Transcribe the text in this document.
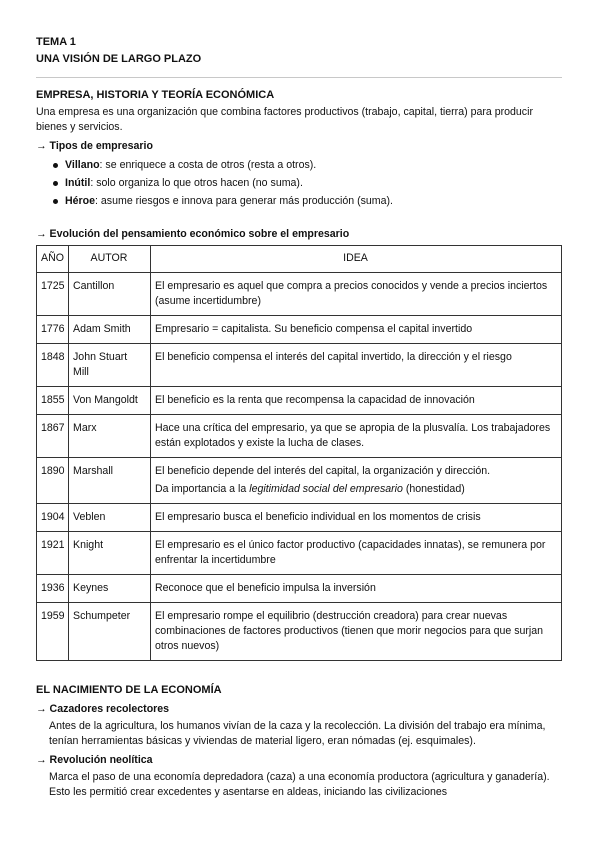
TEMA 1
UNA VISIÓN DE LARGO PLAZO
EMPRESA, HISTORIA Y TEORÍA ECONÓMICA

Una empresa es una organización que combina factores productivos (trabajo, capital, tierra) para producir bienes y servicios.

→ Tipos de empresario
Villano: se enriquece a costa de otros (resta a otros).
Inútil: solo organiza lo que otros hacen (no suma).
Héroe: asume riesgos e innova para generar más producción (suma).
→ Evolución del pensamiento económico sobre el empresario
AÑO	AUTOR	IDEA
1725	Cantillon	El empresario es aquel que compra a precios conocidos y vende a precios inciertos (asume incertidumbre)
1776	Adam Smith	Empresario = capitalista. Su beneficio compensa el capital invertido
1848	John Stuart Mill	El beneficio compensa el interés del capital invertido, la dirección y el riesgo
1855	Von Mangoldt	El beneficio es la renta que recompensa la capacidad de innovación
1867	Marx	Hace una crítica del empresario, ya que se apropia de la plusvalía. Los trabajadores están explotados y existe la lucha de clases.
1890	Marshall	El beneficio depende del interés del capital, la organización y dirección.
Da importancia a la legitimidad social del empresario (honestidad)

1904	Veblen	El empresario busca el beneficio individual en los momentos de crisis
1921	Knight	El empresario es el único factor productivo (capacidades innatas), se remunera por enfrentar la incertidumbre
1936	Keynes	Reconoce que el beneficio impulsa la inversión
1959	Schumpeter	El empresario rompe el equilibrio (destrucción creadora) para crear nuevas combinaciones de factores productivos (tienen que morir negocios para que surjan otros nuevos)
EL NACIMIENTO DE LA ECONOMÍA
→ Cazadores recolectores

Antes de la agricultura, los humanos vivían de la caza y la recolección. La división del trabajo era mínima, tenían herramientas básicas y viviendas de material ligero, eran nómadas (ej. esquimales).

→ Revolución neolítica

Marca el paso de una economía depredadora (caza) a una economía productora (agricultura y ganadería). Esto les permitió crear excedentes y asentarse en aldeas, iniciando las civilizaciones
